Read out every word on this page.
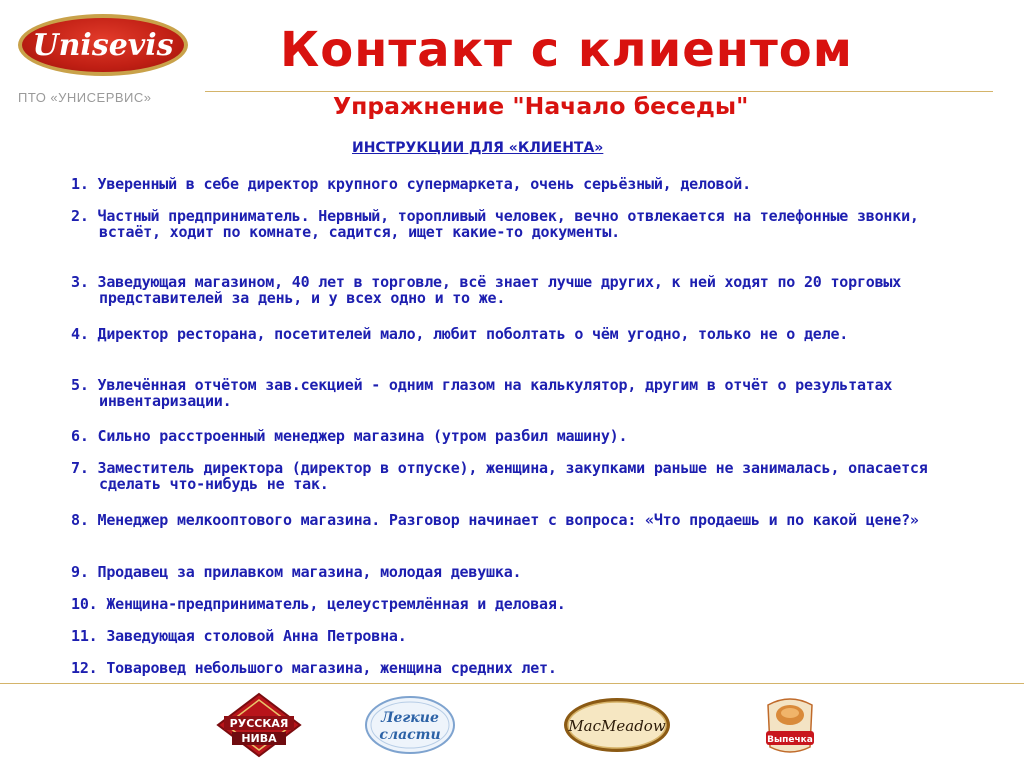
Unisevis
ПТО «УНИСЕРВИС»
Контакт с клиентом
Упражнение "Начало беседы"
ИНСТРУКЦИИ ДЛЯ «КЛИЕНТА»
1. Уверенный в себе директор крупного супермаркета, очень серьёзный, деловой.
2. Частный предприниматель. Нервный, торопливый человек, вечно отвлекается на телефонные звонки, встаёт, ходит по комнате, садится, ищет какие-то документы.
3. Заведующая магазином, 40 лет в торговле, всё знает лучше других, к ней ходят по 20 торговых представителей за день, и у всех одно и то же.
4. Директор ресторана, посетителей мало, любит поболтать о чём угодно, только не о деле.
5. Увлечённая отчётом зав.секцией - одним глазом на калькулятор, другим в отчёт о результатах инвентаризации.
6. Сильно расстроенный менеджер магазина (утром разбил машину).
7. Заместитель директора (директор в отпуске), женщина, закупками раньше не занималась, опасается сделать что-нибудь не так.
8. Менеджер мелкооптового магазина. Разговор начинает с вопроса: «Что продаешь и по какой цене?»
9. Продавец за прилавком магазина, молодая девушка.
10. Женщина-предприниматель, целеустремлённая и деловая.
11. Заведующая столовой Анна Петровна.
12. Товаровед небольшого магазина, женщина средних лет.
РУССКАЯ
НИВА
Легкие
сласти	MacMeadow
Выпечка
